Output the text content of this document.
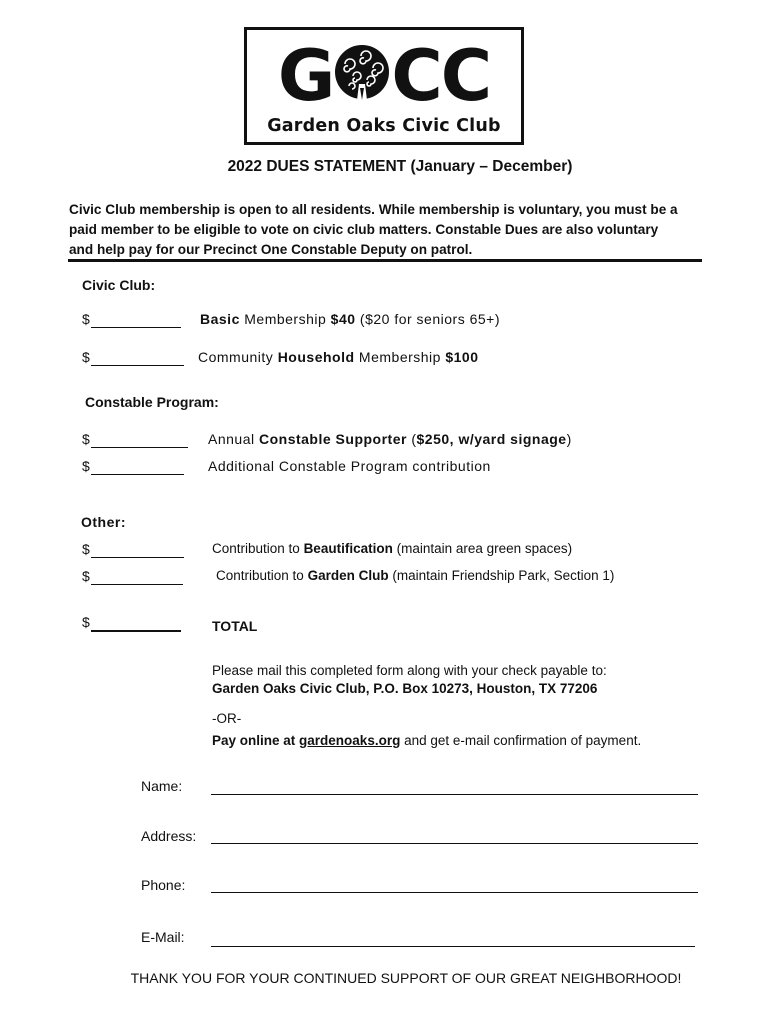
G CC
Garden Oaks Civic Club
2022 DUES STATEMENT (January – December)
Civic Club membership is open to all residents. While membership is voluntary, you must be a paid member to be eligible to vote on civic club matters. Constable Dues are also voluntary and help pay for our Precinct One Constable Deputy on patrol.
Civic Club:
$	Basic Membership $40 ($20 for seniors 65+)
$	Community Household Membership $100
Constable Program:
$	Annual Constable Supporter ($250, w/yard signage)
$	Additional Constable Program contribution
Other:
$	Contribution to Beautification (maintain area green spaces)
$	Contribution to Garden Club (maintain Friendship Park, Section 1)
$	TOTAL
Please mail this completed form along with your check payable to:
Garden Oaks Civic Club, P.O. Box 10273, Houston, TX 77206
-OR-
Pay online at gardenoaks.org and get e-mail confirmation of payment.
Name:
Address:
Phone:
E-Mail:
THANK YOU FOR YOUR CONTINUED SUPPORT OF OUR GREAT NEIGHBORHOOD!
